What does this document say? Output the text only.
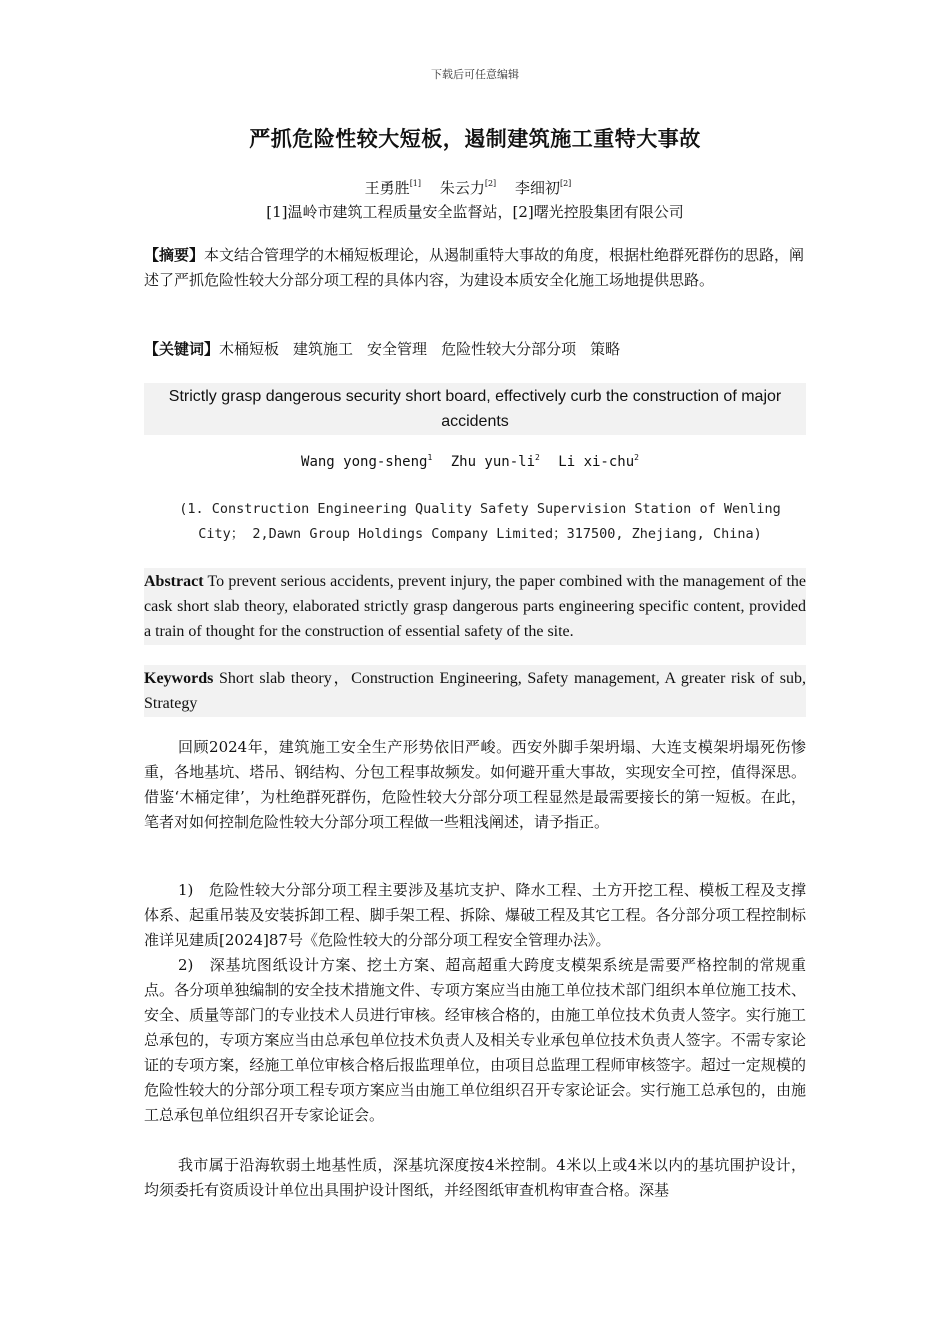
下载后可任意编辑
严抓危险性较大短板，遏制建筑施工重特大事故
王勇胜[1] 朱云力[2] 李细初[2]
[1]温岭市建筑工程质量安全监督站，[2]曙光控股集团有限公司
【摘要】本文结合管理学的木桶短板理论，从遏制重特大事故的角度，根据杜绝群死群伤的思路，阐述了严抓危险性较大分部分项工程的具体内容，为建设本质安全化施工场地提供思路。
【关键词】木桶短板 建筑施工 安全管理 危险性较大分部分项 策略
Strictly grasp dangerous security short board, effectively curb the construction of major accidents
Wang yong-sheng$^1$ Zhu yun-$li^2$ Li xi-chu$^2$
(1. Construction Engineering Quality Safety Supervision Station of Wenling City； 2,Dawn Group Holdings Company Limited；317500, Zhejiang, China)
Abstract To prevent serious accidents, prevent injury, the paper combined with the management of the cask short slab theory, elaborated strictly grasp dangerous parts engineering specific content, provided a train of thought for the construction of essential safety of the site.
Keywords Short slab theory，Construction Engineering, Safety management, A greater risk of sub, Strategy
回顾2024年，建筑施工安全生产形势依旧严峻。西安外脚手架坍塌、大连支模架坍塌死伤惨重，各地基坑、塔吊、钢结构、分包工程事故频发。如何避开重大事故，实现安全可控，值得深思。借鉴‘木桶定律’，为杜绝群死群伤，危险性较大分部分项工程显然是最需要接长的第一短板。在此，笔者对如何控制危险性较大分部分项工程做一些粗浅阐述，请予指正。
1)　危险性较大分部分项工程主要涉及基坑支护、降水工程、土方开挖工程、模板工程及支撑体系、起重吊装及安装拆卸工程、脚手架工程、拆除、爆破工程及其它工程。各分部分项工程控制标准详见建质[2024]87号《危险性较大的分部分项工程安全管理办法》。
2)　深基坑图纸设计方案、挖土方案、超高超重大跨度支模架系统是需要严格控制的常规重点。各分项单独编制的安全技术措施文件、专项方案应当由施工单位技术部门组织本单位施工技术、安全、质量等部门的专业技术人员进行审核。经审核合格的，由施工单位技术负责人签字。实行施工总承包的，专项方案应当由总承包单位技术负责人及相关专业承包单位技术负责人签字。不需专家论证的专项方案，经施工单位审核合格后报监理单位，由项目总监理工程师审核签字。超过一定规模的危险性较大的分部分项工程专项方案应当由施工单位组织召开专家论证会。实行施工总承包的，由施工总承包单位组织召开专家论证会。
我市属于沿海软弱土地基性质，深基坑深度按4米控制。4米以上或4米以内的基坑围护设计，均须委托有资质设计单位出具围护设计图纸，并经图纸审查机构审查合格。深基
